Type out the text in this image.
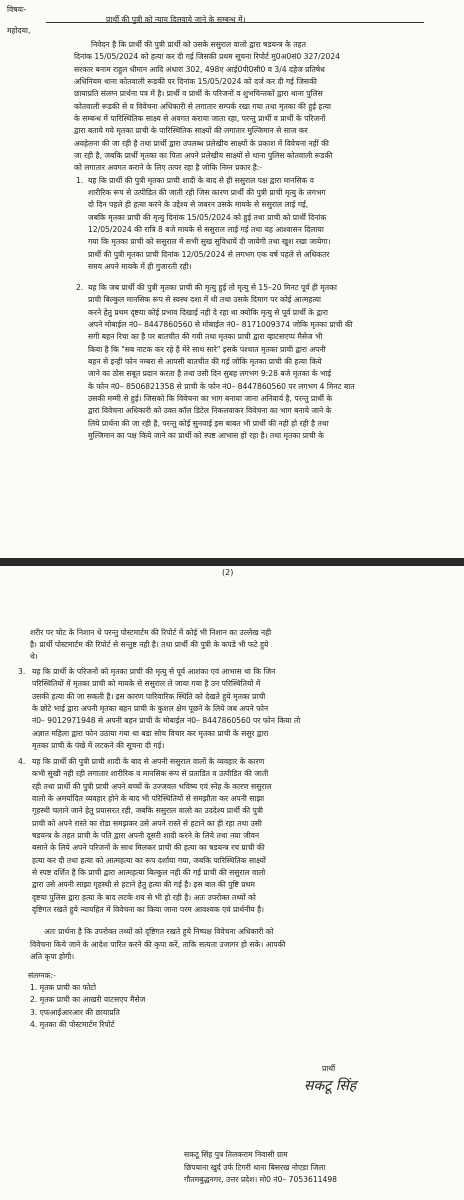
विषयः-
महोदया,
प्रार्थी की पुत्री को न्याय दिलवाये जाने के सम्बन्ध में।
निवेदन है कि प्रार्थी की पुत्री प्रार्थी को उसके ससुराल वालो द्वारा षडयन्त्र के तहत
दिनांक 15/05/2024 को हत्या कर दी गई जिसकी प्रथम सूचना रिपोर्ट मु0अ0सं0 327/2024
सरकार बनाम राहुल धीमान आदि अंधारा 302, 498ए आई0पी0सी0 व 3/4 दहेज प्रतिषेध
अधिनियम थाना कोतवाली रूडकी पर दिनांक 15/05/2024 को दर्ज कर दी गई जिसकी
छायाप्रति संलग्न प्रार्थना पत्र में है। प्रार्थी व प्रार्थी के परिजनों व शुभचिन्तकों द्वारा थाना पुलिस
कोतवाली रूडकी से व विवेचना अधिकारी से लगातार सम्पर्क रखा गया तथा मृतका की हुई हत्या
के सम्बन्ध में पारिस्थितिक साक्ष्य से अवगत कराया जाता रहा, परन्तु प्रार्थी व प्रार्थी के परिजनों
द्वारा बताये गये मृतका प्राची के पारिस्थितिक साक्ष्यों की लगातार मुल्जिमान से साज कर
अवहेलना की जा रही है तथा प्रार्थी द्वारा उपलब्ध प्रलेखीय साक्ष्यों के प्रकाश में विवेचना नहीं की
जा रही है, जबकि प्रार्थी मृतका का पिता अपने प्रलेखीय साक्ष्यों से थाना पुलिस कोतवाली रूडकी
को लगातार अवगत कराने के लिए तत्पर रहा है जोकि निम्न प्रकार है:-
1. यह कि प्रार्थी की पुत्री मृतका प्राची शादी के बाद से ही ससुराल पक्ष द्वारा मानसिक व
शारीरिक रूप से उत्पीडित की जाती रही जिस कारण प्रार्थी की पुत्री प्राची मृत्यु के लगभग
दो दिन पहले ही हत्या करने के उद्देश्य से जबरन उसके मायके से ससुराल लाई गई,
जबकि मृतका प्राची की मृत्यु दिनांक 15/05/2024 को हुई तथा प्राची को प्रार्थी दिनांक
12/05/2024 की रात्रि 8 बजे मायके से ससुराल लाई गई तथा यह आश्वासन दिलाया
गया कि मृतका प्राची को ससुराल में सभी सुख सुविधायें दी जायेगी तथा खुश रखा जायेगा।
प्रार्थी की पुत्री मृतका प्राची दिनांक 12/05/2024 से लगभग एक वर्ष पहले से अधिकतर
समय अपने मायके में ही गुजारती रही।
2. यह कि जब प्रार्थी की पुत्री मृतका प्राची की मृत्यु हुई तो मृत्यु से 15–20 मिनट पूर्व ही मृतका
प्राची बिल्कुल मानसिक रूप से स्वस्थ दशा में थी तथा उसके दिमाग पर कोई आत्महत्या
करने हेतु प्रथम दृष्टया कोई प्रभाव दिखाई नही दे रहा था क्योकि मृत्यु से पूर्व प्रार्थी के द्वारा
अपने मोबाईल नं0– 8447860560 से मोबाईल नं0– 8171009374 जोकि मृतका प्राची की
सगी बहन रिचा का है पर बातचीत की गयी तथा मृतका प्राची द्वारा व्हाटसएप्प मैसेज भी
किया है कि "सब नाटक कर रहे है मेरे साथ सारे" इसके पश्चात मृतका प्राची द्वारा अपनी
बहन से इन्ही फोन नम्बरा से आपसी बातचीत की गई जोकि मृतका प्राची की हत्या किये
जाने का ठोस सबूत प्रदान करता है तथा उसी दिन सुबह लगभग 9:28 बजे मृतका के भाई
के फोन नं0– 8506821358 से प्राची के फोन नं0– 8447860560 पर लगभग 4 मिनट बात
उसकी मम्मी से हुई। जिसको कि विवेचना का भाग बनाया जाना अनिवार्य है, परन्तु प्रार्थी के
द्वारा विवेचना अधिकारी को उक्त कॉल डिटेल निकलवाकर विवेचना का भाग बनाये जाने के
लिये प्रार्थना की जा रही है, परन्तु कोई सुनवाई इस बाबत भी प्रार्थी की नही हो रही है तथा
मुल्जिमान का पक्ष किये जाने का प्रार्थी को स्पष्ट आभास हो रहा है। तथा मृतका प्राची के
(2)
शरीर पर चोट के निशान थे परन्तु पोस्टमार्टम की रिपोर्ट में कोई भी निशान का उल्लेख नही
है। प्रार्थी पोस्टमार्टम की रिपोर्ट से सन्तुष्ट नही है। तथा प्रार्थी की पुत्री के कपडे भी फटे हुये
थे।
3. यह कि प्रार्थी के परिजनों को मृतका प्राची की मृत्यु से पूर्व आशंका एवं आभास था कि जिन
परिस्थितियों में मृतका प्राची को मायके से ससुराल ले जाया गया है उन परिस्थितियों में
उसकी हत्या की जा सकती है। इस कारण पारिवारिक स्थिति को देखते हुये मृतका प्राची
के छोटे भाई द्वारा अपनी मृतका बहन प्राची के कुशल क्षेम पूछने के लिये जब अपने फोन
नं0– 9012971948 से अपनी बहन प्राची के मोबाईल नं0– 8447860560 पर फोन किया तो
अज्ञात महिला द्वारा फोन उठाया गया था बडा सोच विचार कर मृतका प्राची के ससुर द्वारा
मृतका प्राची के पंखे में लटकने की सूचना दी गई।
4. यह कि प्रार्थी की पुत्री प्राची शादी के बाद से अपनी ससुराल वालों के व्यवहार के कारण
कभी सुखी नही रही लगातार शारीरिक व मानसिक रूप से प्रताडित व उत्पीडित की जाती
रही तथा प्रार्थी की पुत्री प्राची अपने बच्चों के उज्जवल भविष्य एवं स्नेह के कारण ससुराल
वालो के अमर्यादित व्यवहार होने के बाद भी परिस्थितियों से समझौता कर अपनी साझा
गृहस्थी चलाने जाने हेतु प्रयासरत रही, जबकि ससुराल वालो का उददेश्य प्रार्थी की पुत्री
प्राची को अपने रास्ते का रोडा समझकर उसे अपने रास्ते से हटाने का ही रहा तथा उसी
षडयन्त्र के तहत प्राची के पति द्वारा अपनी दूसरी शादी करने के लिये तथा नया जीवन
बसाने के लिये अपने परिजनों के साथ मिलकर प्राची की हत्या का षडयन्त्र रच प्राची की
हत्या कर दी तथा हत्या को आत्महत्या का रूप दर्शाया गया, जबकि पारिस्थितिक साक्ष्यों
से स्पष्ट दर्शित है कि प्राची द्वारा आत्महत्या बिल्कुल नही की गई प्राची की ससुराल वालो
द्वारा उसे अपनी साझा गृहस्थी से हटाने हेतु हत्या की गई है। इस बात की पुष्टि प्रथम
दृष्टया पुलिस द्वारा हत्या के बाद लटके शव से भी हो रही है। अतः उपरोक्त तथ्यों को
दृष्टिगत रखते हुये न्यायहित में विवेचना का किया जाना परम आवश्यक एवं प्रार्थनीय है।
अतः प्रार्थना है कि उपरोक्त तथ्यों को दृष्टिगत रखते हुये निष्पक्ष विवेचना अधिकारी को
विवेचना किये जाने के आदेश पारित करने की कृपा करें, ताकि सत्यता उजागर हो सके। आपकी
अति कृपा होगी।
संलग्नक:-
1. मृतक प्राची का फोटो
2. मृतक प्राची का आखरी वाटसएप मैसेज
3. एफआईआरआर की छायाप्रति
4. मृतका की पोस्टमार्टम रिपोर्ट
प्रार्थी
सकटू सिंह
सकटू सिंह पुत्र तिलकराम निवासी ग्राम
छिपयाना खुर्द उर्फ टिगरी थाना बिसरख नोएडा जिला
गौतमबुद्धनगर, उत्तर प्रदेश। मो0 नं0– 7053611498
